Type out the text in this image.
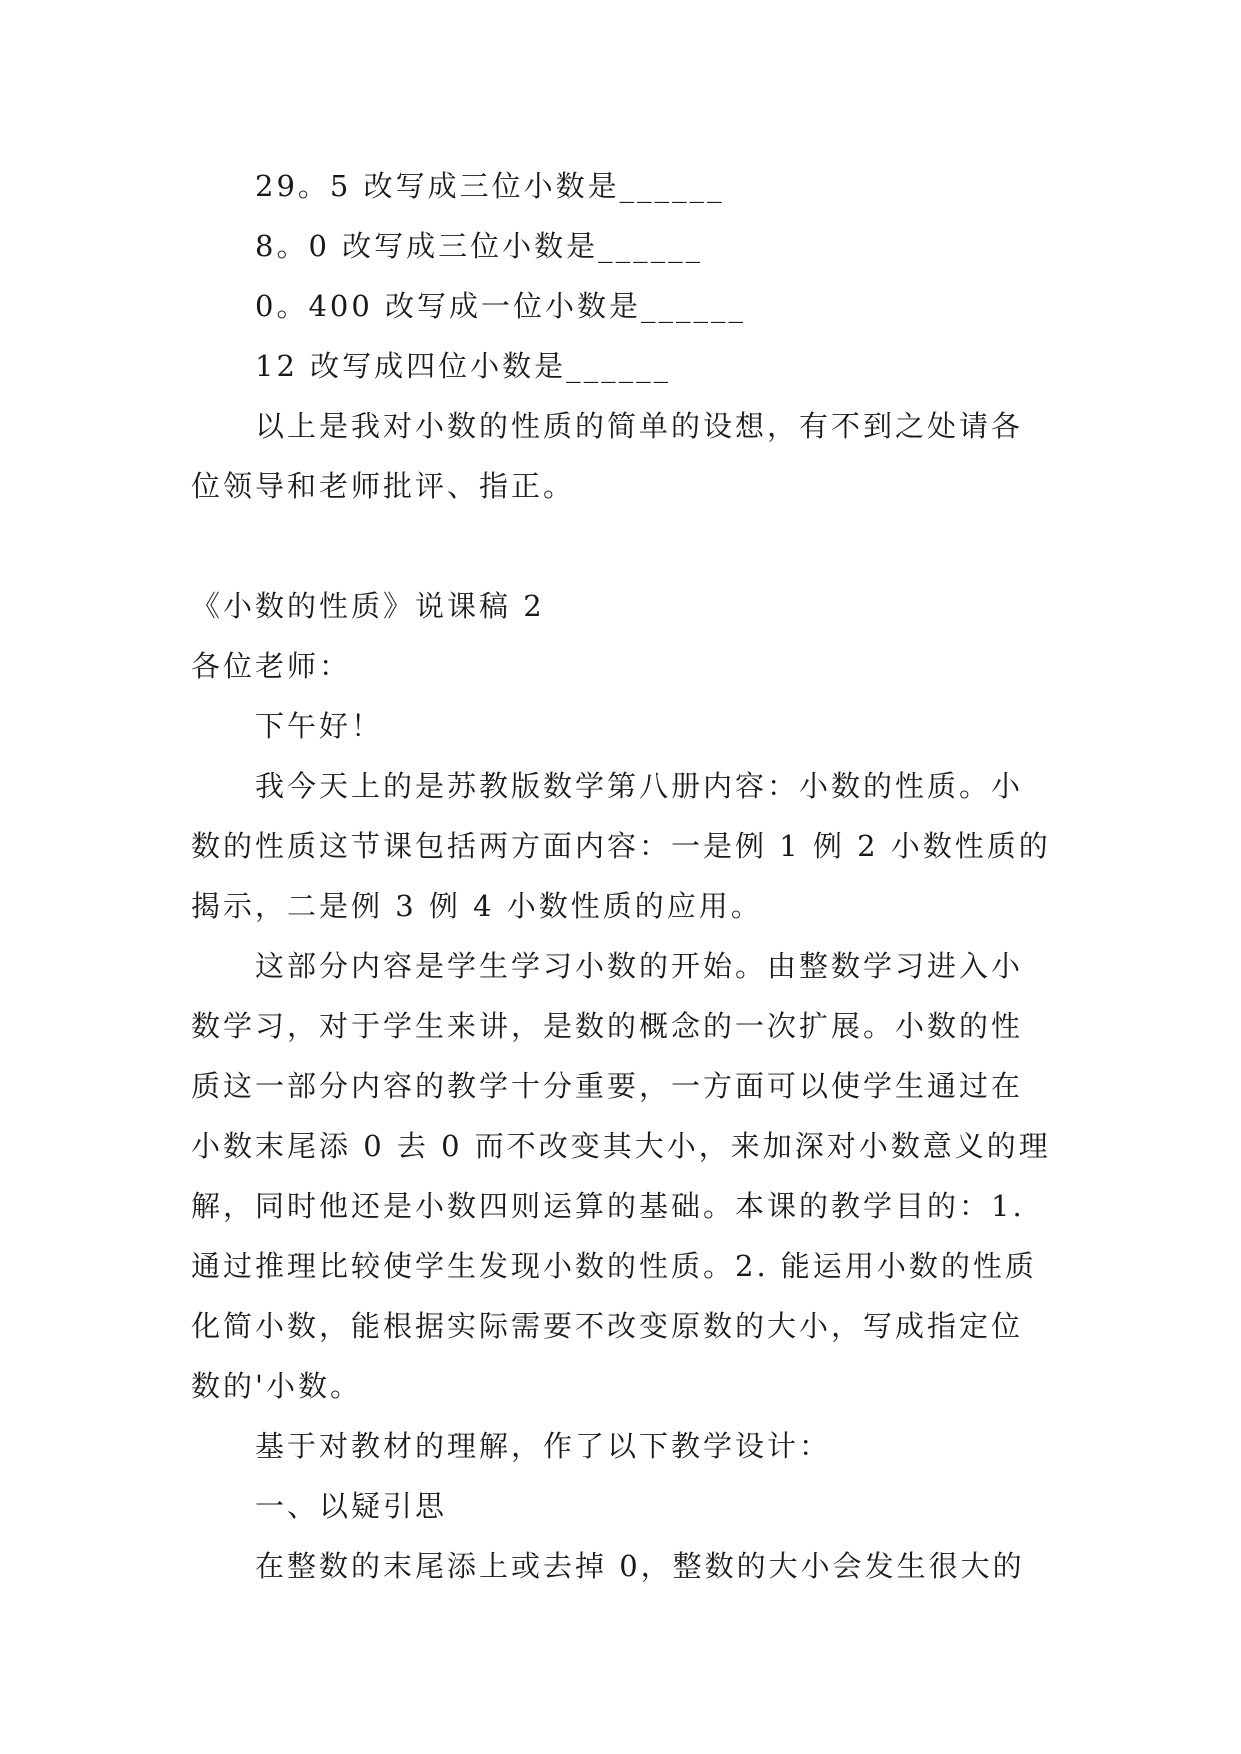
29。5 改写成三位小数是______
8。0 改写成三位小数是______
0。400 改写成一位小数是______
12 改写成四位小数是______
以上是我对小数的性质的简单的设想，有不到之处请各
位领导和老师批评、指正。
《小数的性质》说课稿 2
各位老师：
下午好！
我今天上的是苏教版数学第八册内容：小数的性质。小
数的性质这节课包括两方面内容：一是例 1 例 2 小数性质的
揭示，二是例 3 例 4 小数性质的应用。
这部分内容是学生学习小数的开始。由整数学习进入小
数学习，对于学生来讲，是数的概念的一次扩展。小数的性
质这一部分内容的教学十分重要，一方面可以使学生通过在
小数末尾添 0 去 0 而不改变其大小，来加深对小数意义的理
解，同时他还是小数四则运算的基础。本课的教学目的：1.
通过推理比较使学生发现小数的性质。2. 能运用小数的性质
化简小数，能根据实际需要不改变原数的大小，写成指定位
数的'小数。
基于对教材的理解，作了以下教学设计：
一、以疑引思
在整数的末尾添上或去掉 0，整数的大小会发生很大的
